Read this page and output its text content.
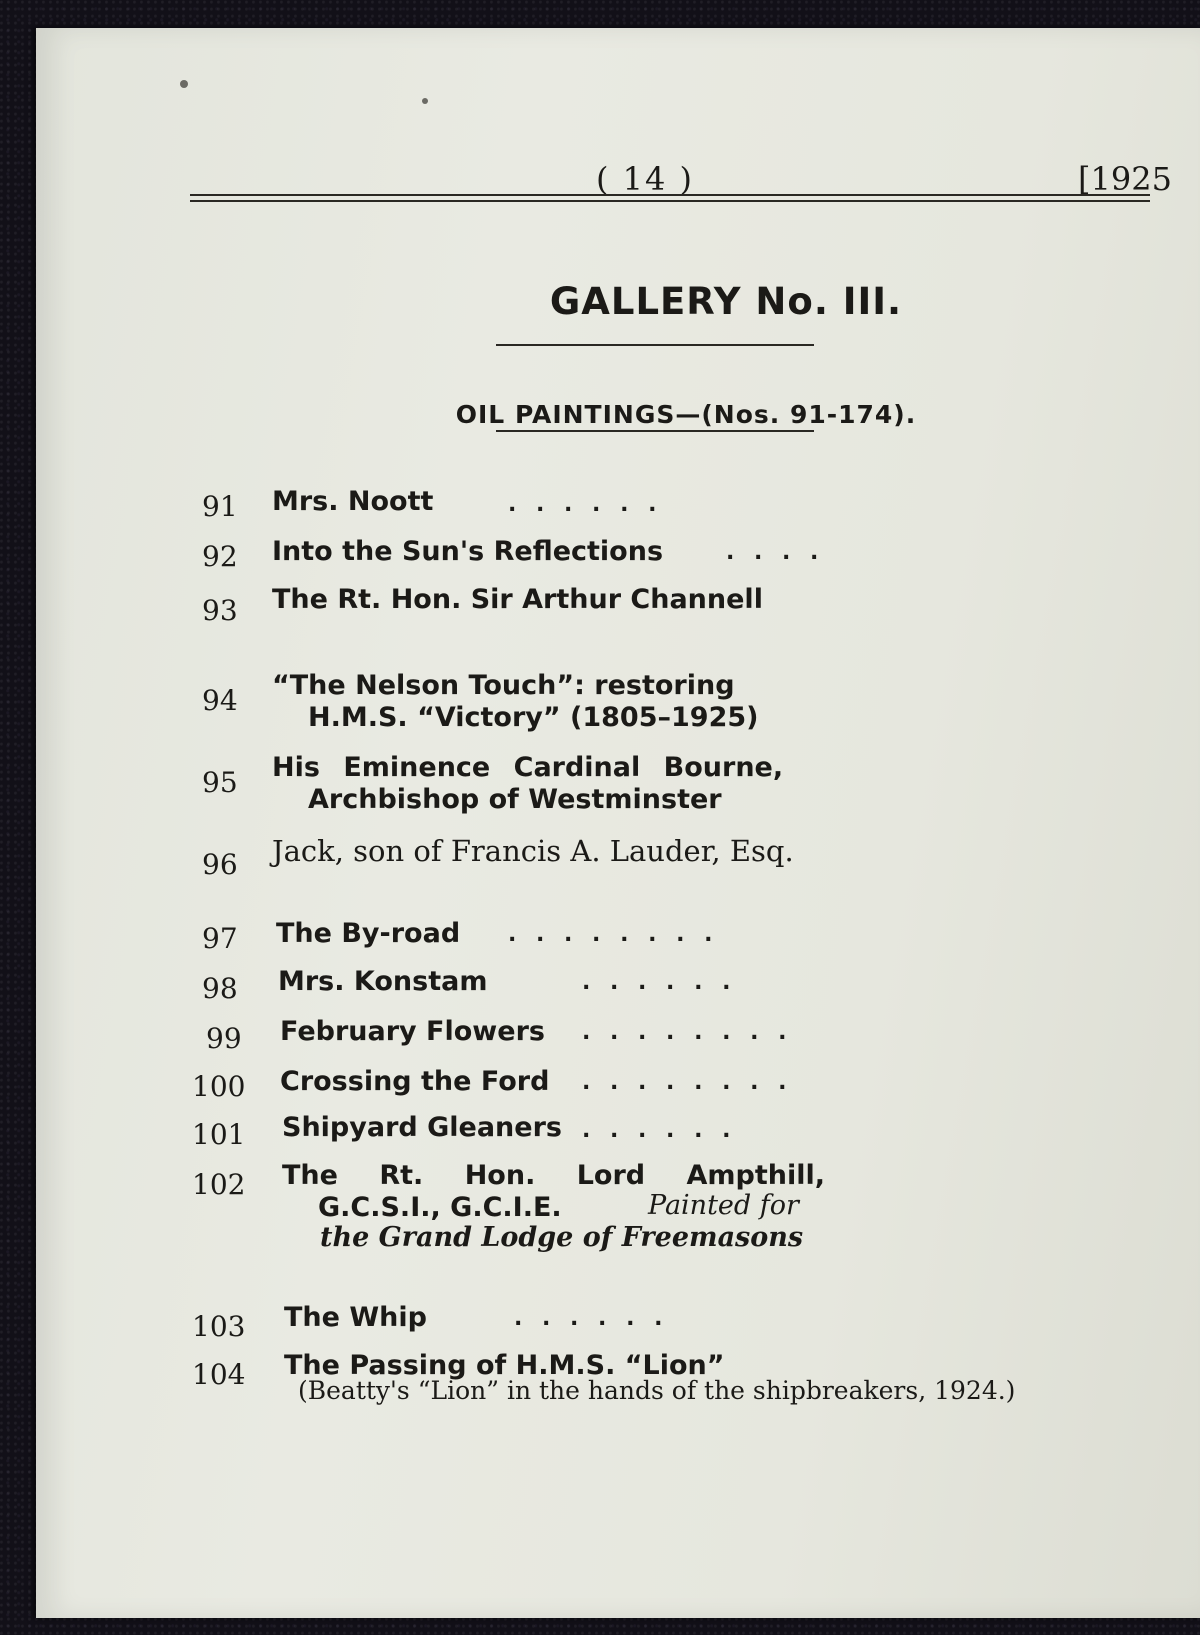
( 14 )	[1925
GALLERY No. III.
OIL PAINTINGS—(Nos. 91-174).
91 Mrs. Noott	. . . . . .
92 Into the Sun's Reflections	. . . .
93 The Rt. Hon. Sir Arthur Channell
94 “The Nelson Touch”: restoring
H.M.S. “Victory” (1805–1925)
95 His Eminence Cardinal Bourne,
Archbishop of Westminster
96 Jack, son of Francis A. Lauder, Esq.
97 The By-road . . . . . . . .
98 Mrs. Konstam	. . . . . .
99 February Flowers . . . . . . . .
100 Crossing the Ford . . . . . . . .
101 Shipyard Gleaners . . . . . .
102 The Rt. Hon. Lord Ampthill,
G.C.S.I., G.C.I.E.	Painted for
the Grand Lodge of Freemasons
103 The Whip	. . . . . .
104 The Passing of H.M.S. “Lion”
(Beatty's “Lion” in the hands of the shipbreakers, 1924.)
